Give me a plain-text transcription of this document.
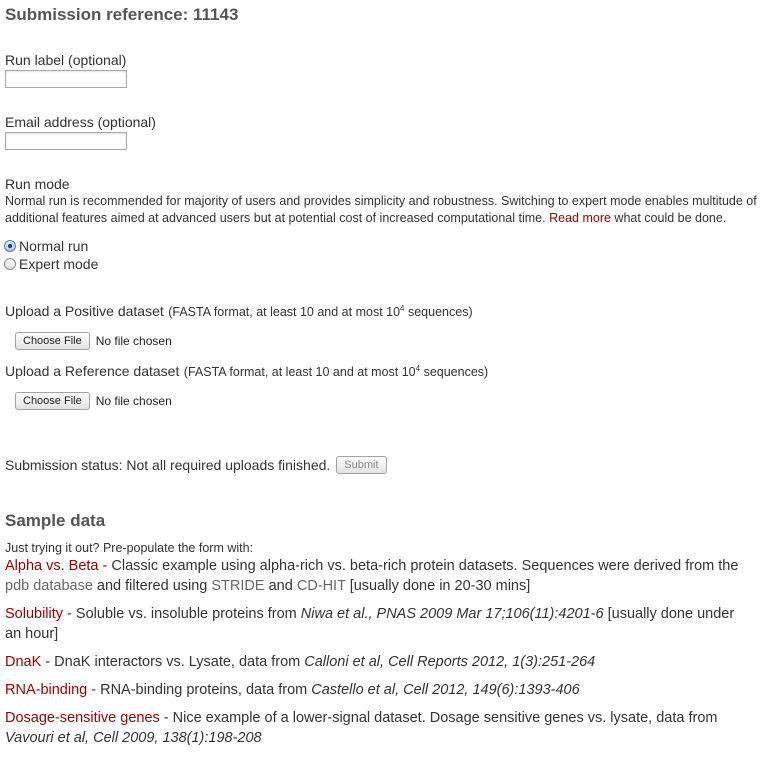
Submission reference: 11143
Run label (optional)
Email address (optional)
Run mode
Normal run is recommended for majority of users and provides simplicity and robustness. Switching to expert mode enables multitude of additional features aimed at advanced users but at potential cost of increased computational time. Read more what could be done.
Normal run
Expert mode
Upload a Positive dataset (FASTA format, at least 10 and at most $10^4$ sequences)
Choose File	No file chosen
Upload a Reference dataset (FASTA format, at least 10 and at most $10^4$ sequences)
Choose File	No file chosen
Submission status: Not all required uploads finished.	Submit
Sample data
Just trying it out? Pre-populate the form with:
Alpha vs. Beta - Classic example using alpha-rich vs. beta-rich protein datasets. Sequences were derived from the pdb database and filtered using STRIDE and CD-HIT [usually done in 20-30 mins]
Solubility - Soluble vs. insoluble proteins from Niwa et al., PNAS 2009 Mar 17;106(11):4201-6 [usually done under an hour]
DnaK - DnaK interactors vs. Lysate, data from Calloni et al, Cell Reports 2012, 1(3):251-264
RNA-binding - RNA-binding proteins, data from Castello et al, Cell 2012, 149(6):1393-406
Dosage-sensitive genes - Nice example of a lower-signal dataset. Dosage sensitive genes vs. lysate, data from Vavouri et al, Cell 2009, 138(1):198-208
